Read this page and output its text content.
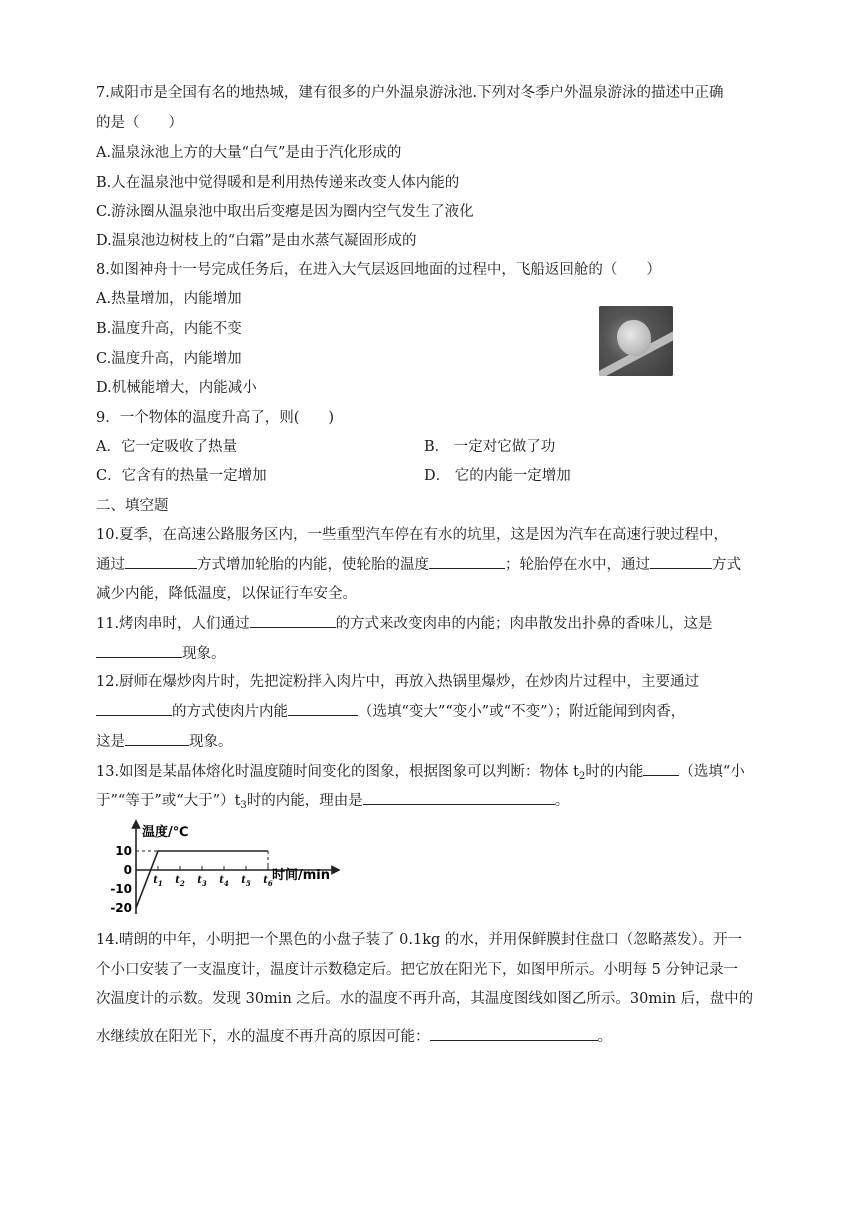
7.咸阳市是全国有名的地热城，建有很多的户外温泉游泳池.下列对冬季户外温泉游泳的描述中正确
的是（　　）
A.温泉泳池上方的大量“白气”是由于汽化形成的
B.人在温泉池中觉得暖和是利用热传递来改变人体内能的
C.游泳圈从温泉池中取出后变瘪是因为圈内空气发生了液化
D.温泉池边树枝上的“白霜”是由水蒸气凝固形成的
8.如图神舟十一号完成任务后，在进入大气层返回地面的过程中，飞船返回舱的（　　）
A.热量增加，内能增加
B.温度升高，内能不变
C.温度升高，内能增加
D.机械能增大，内能减小
9．一个物体的温度升高了，则(　　)
A．它一定吸收了热量	B． 一定对它做了功
C．它含有的热量一定增加	D． 它的内能一定增加
二、填空题
10.夏季，在高速公路服务区内，一些重型汽车停在有水的坑里，这是因为汽车在高速行驶过程中，
通过	方式增加轮胎的内能，使轮胎的温度	；轮胎停在水中，通过	方式
减少内能，降低温度，以保证行车安全。
11.烤肉串时，人们通过	的方式来改变肉串的内能；肉串散发出扑鼻的香味儿，这是
现象。
12.厨师在爆炒肉片时，先把淀粉拌入肉片中，再放入热锅里爆炒，在炒肉片过程中，主要通过
的方式使肉片内能	（选填“变大”“变小”或“不变”）；附近能闻到肉香，
这是	现象。
13.如图是某晶体熔化时温度随时间变化的图象，根据图象可以判断：物体 $t_2$时的内能 （选填“小
于”“等于”或“大于$”)t_3$时的内能，理由是	。
温度/℃
10
0
-10
-20
$t_1$ $t_2$ $t_3$ $t_4$ $t_5$ $t_6$
时间/min
14.晴朗的中年，小明把一个黑色的小盘子装了 0.1kg 的水，并用保鲜膜封住盘口（忽略蒸发）。开一
个小口安装了一支温度计，温度计示数稳定后。把它放在阳光下，如图甲所示。小明每 5 分钟记录一
次温度计的示数。发现 30min 之后。水的温度不再升高，其温度图线如图乙所示。30min 后，盘中的
水继续放在阳光下，水的温度不再升高的原因可能：	。
